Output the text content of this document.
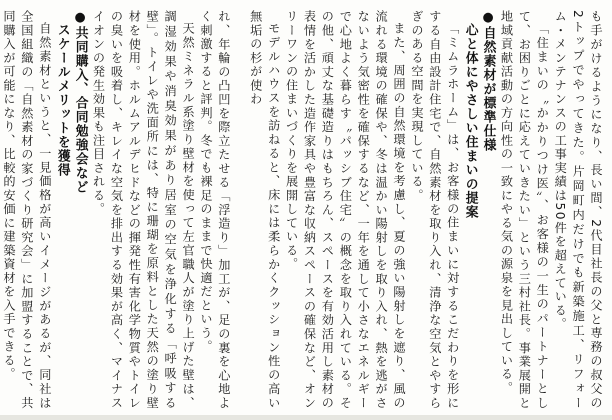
も手がけるようになり、長い間、2代目社長の父と専務の叔父の2トップでやってきた。片岡町内だけでも新築施工、リフォーム・メンテナンスの工事実績は50件を超えている。

「住まいの〝かかりつけ医〟、お客様の一生のパートナーとして、お困りごとに応えていきたい」という三村社長。事業展開と地域貢献活動の方向性の一致にやる気の源泉を見出している。

●自然素材が標準仕様

心と体にやさしい住まいの提案

「ミムラホーム」は、お客様の住まいに対するこだわりを形にする自由設計住宅で、自然素材を取り入れ、清浄な空気とやすらぎのある空間を実現している。

また、周囲の自然環境を考慮し、夏の強い陽射しを遮り、風の流れる環境の確保や、冬は温かい陽射しを取り入れ、熱を逃がさないよう気密性を確保するなど、一年を通して小さなエネルギーで心地よく暮らす〝パッシブ住宅〟の概念を取り入れている。その他、頑丈な基礎造りはもちろん、スペースを有効活用し素材の表情を活かした造作家具や豊富な収納スペースの確保など、オンリーワンの住まいづくりを展開している。

モデルハウスを訪ねると、床には柔らかくクッション性の高い無垢の杉が使わ

れ、年輪の凸凹を際立たせる「浮造り」加工が、足の裏を心地よく刺激すると評判。冬でも裸足のままで快適だという。

天然ミネラル系塗り壁材を使って左官職人が塗り上げた壁は、調湿効果や消臭効果があり居室の空気を浄化する「呼吸する壁」。トイレや洗面所には、特に珊瑚を原料とした天然の塗り壁材を使用。ホルムアルデヒドなどの揮発性有害化学物質やトイレの臭いを吸着し、キレイな空気を排出する効果が高く、マイナスイオンの発生効果も注目される。

●共同購入、合同勉強会など

スケールメリットを獲得

自然素材というと、一見価格が高いイメージがあるが、同社は全国組織の「自然素材の家づくり研究会」に加盟することで、共同購入が可能になり、比較的安価に建築資材を入手できる。
